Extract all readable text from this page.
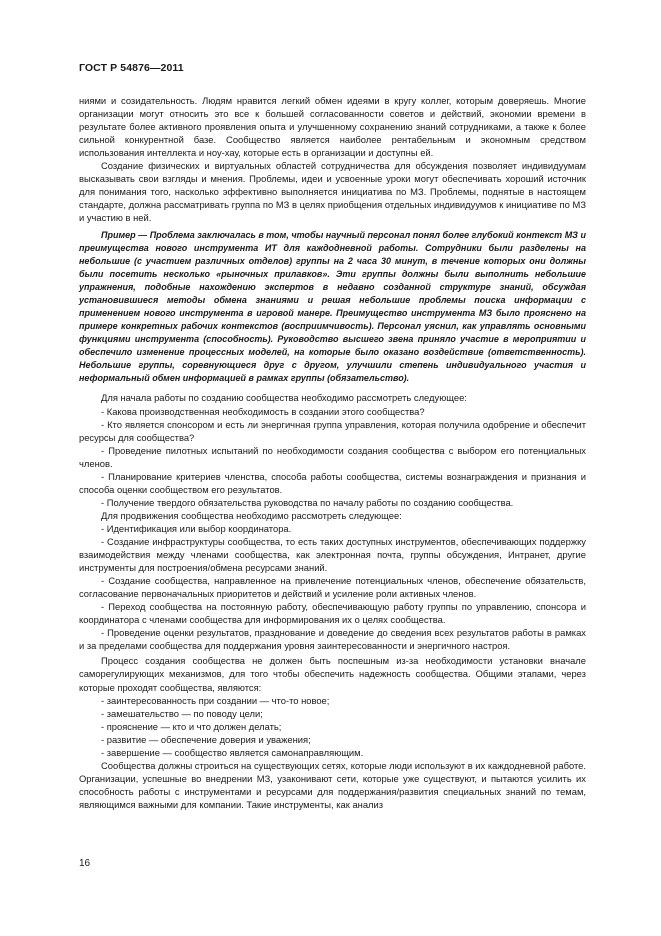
ГОСТ Р 54876—2011

ниями и созидательность. Людям нравится легкий обмен идеями в кругу коллег, которым доверяешь. Многие организации могут относить это все к большей согласованности советов и действий, экономии времени в результате более активного проявления опыта и улучшенному сохранению знаний сотрудниками, а также к более сильной конкурентной базе. Сообщество является наиболее рентабельным и экономным средством использования интеллекта и ноу-хау, которые есть в организации и доступны ей.

Создание физических и виртуальных областей сотрудничества для обсуждения позволяет индивидуумам высказывать свои взгляды и мнения. Проблемы, идеи и усвоенные уроки могут обеспечивать хороший источник для понимания того, насколько эффективно выполняется инициатива по МЗ. Проблемы, поднятые в настоящем стандарте, должна рассматривать группа по МЗ в целях приобщения отдельных индивидуумов к инициативе по МЗ и участию в ней.

Пример — Проблема заключалась в том, чтобы научный персонал понял более глубокий контекст МЗ и преимущества нового инструмента ИТ для каждодневной работы. Сотрудники были разделены на небольшие (с участием различных отделов) группы на 2 часа 30 минут, в течение которых они должны были посетить несколько «рыночных прилавков». Эти группы должны были выполнить небольшие упражнения, подобные нахождению экспертов в недавно созданной структуре знаний, обсуждая установившиеся методы обмена знаниями и решая небольшие проблемы поиска информации с применением нового инструмента в игровой манере. Преимущество инструмента МЗ было прояснено на примере конкретных рабочих контекстов (восприимчивость). Персонал уяснил, как управлять основными функциями инструмента (способность). Руководство высшего звена приняло участие в мероприятии и обеспечило изменение процессных моделей, на которые было оказано воздействие (ответственность). Небольшие группы, соревнующиеся друг с другом, улучшили степень индивидуального участия и неформальный обмен информацией в рамках группы (обязательство).

Для начала работы по созданию сообщества необходимо рассмотреть следующее:

- Какова производственная необходимость в создании этого сообщества?

- Кто является спонсором и есть ли энергичная группа управления, которая получила одобрение и обеспечит ресурсы для сообщества?

- Проведение пилотных испытаний по необходимости создания сообщества с выбором его потенциальных членов.

- Планирование критериев членства, способа работы сообщества, системы вознаграждения и признания и способа оценки сообществом его результатов.

- Получение твердого обязательства руководства по началу работы по созданию сообщества.

Для продвижения сообщества необходимо рассмотреть следующее:

- Идентификация или выбор координатора.

- Создание инфраструктуры сообщества, то есть таких доступных инструментов, обеспечивающих поддержку взаимодействия между членами сообщества, как электронная почта, группы обсуждения, Интранет, другие инструменты для построения/обмена ресурсами знаний.

- Создание сообщества, направленное на привлечение потенциальных членов, обеспечение обязательств, согласование первоначальных приоритетов и действий и усиление роли активных членов.

- Переход сообщества на постоянную работу, обеспечивающую работу группы по управлению, спонсора и координатора с членами сообщества для информирования их о целях сообщества.

- Проведение оценки результатов, празднование и доведение до сведения всех результатов работы в рамках и за пределами сообщества для поддержания уровня заинтересованности и энергичного настроя.

Процесс создания сообщества не должен быть поспешным из-за необходимости установки вначале саморегулирующих механизмов, для того чтобы обеспечить надежность сообщества. Общими этапами, через которые проходят сообщества, являются:

- заинтересованность при создании — что-то новое;

- замешательство — по поводу цели;

- прояснение — кто и что должен делать;

- развитие — обеспечение доверия и уважения;

- завершение — сообщество является самонаправляющим.

Сообщества должны строиться на существующих сетях, которые люди используют в их каждодневной работе. Организации, успешные во внедрении МЗ, узаконивают сети, которые уже существуют, и пытаются усилить их способность работы с инструментами и ресурсами для поддержания/развития специальных знаний по темам, являющимся важными для компании. Такие инструменты, как анализ

16
